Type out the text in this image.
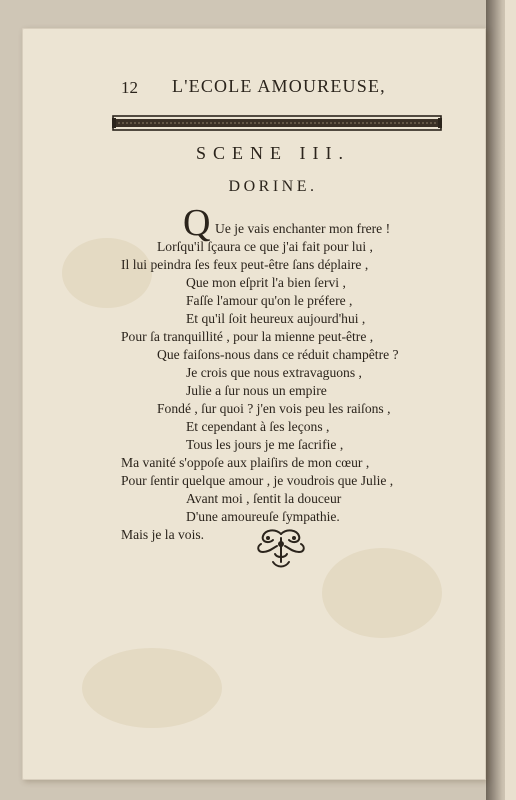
12 L'ECOLE AMOUREUSE,
SCENE III.
DORINE.
Q Ue je vais enchanter mon frere !

Lorſqu'il ſçaura ce que j'ai fait pour lui ,

Il lui peindra ſes feux peut-être ſans déplaire ,

Que mon eſprit l'a bien ſervi ,

Faſſe l'amour qu'on le préfere ,

Et qu'il ſoit heureux aujourd'hui ,

Pour ſa tranquillité , pour la mienne peut-être ,

Que faiſons-nous dans ce réduit champêtre ?

Je crois que nous extravaguons ,

Julie a ſur nous un empire

Fondé , ſur quoi ? j'en vois peu les raiſons ,

Et cependant à ſes leçons ,

Tous les jours je me ſacrifie ,

Ma vanité s'oppoſe aux plaiſirs de mon cœur ,

Pour ſentir quelque amour , je voudrois que Julie ,

Avant moi , ſentit la douceur

D'une amoureuſe ſympathie.

Mais je la vois.
